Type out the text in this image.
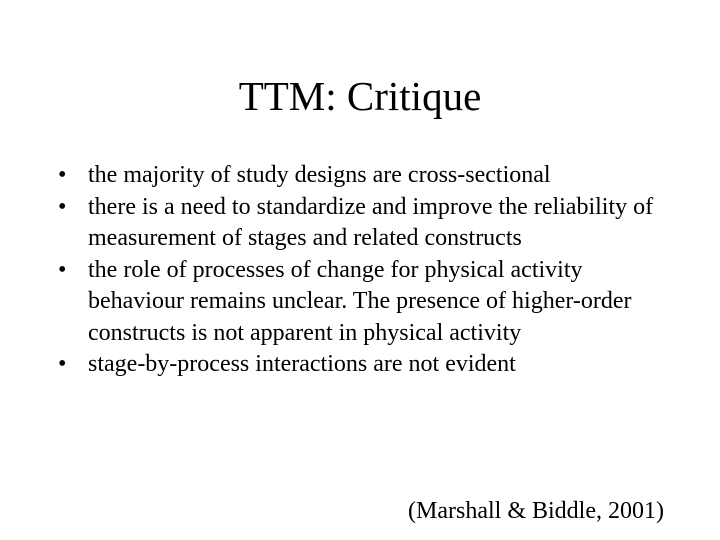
TTM: Critique
• the majority of study designs are cross-sectional
• there is a need to standardize and improve the reliability of measurement of stages and related constructs
• the role of processes of change for physical activity behaviour remains unclear. The presence of higher-order constructs is not apparent in physical activity
• stage-by-process interactions are not evident
(Marshall & Biddle, 2001)
